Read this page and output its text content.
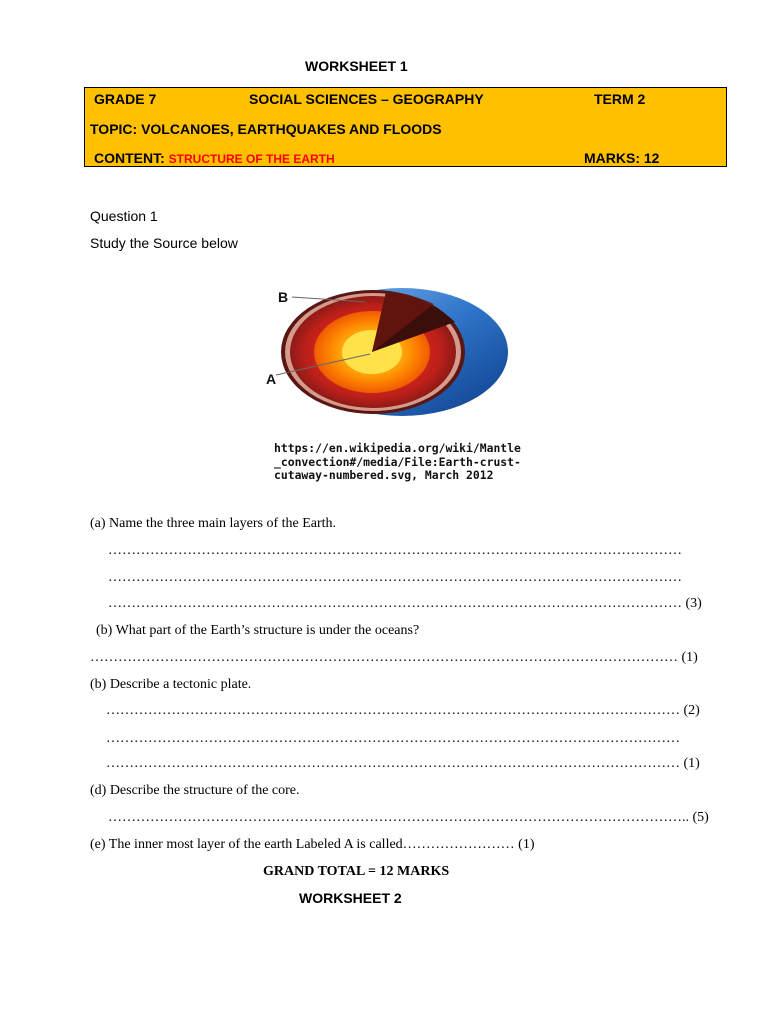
WORKSHEET 1
GRADE 7	SOCIAL SCIENCES – GEOGRAPHY	TERM 2
TOPIC: VOLCANOES, EARTHQUAKES AND FLOODS
CONTENT: STRUCTURE OF THE EARTH	MARKS: 12
Question 1
Study the Source below
B
A
https://en.wikipedia.org/wiki/Mantle
_convection#/media/File:Earth-crust-
cutaway-numbered.svg, March 2012
(a) Name the three main layers of the Earth.
……………………………………………………………………………………………………………
……………………………………………………………………………………………………………
…………………………………………………………………………………………………………… (3)
(b) What part of the Earth’s structure is under the oceans?
……………………………………………………………………………………………………………… (1)
(b) Describe a tectonic plate.
…………………………………………………………………………………………………………… (2)
……………………………………………………………………………………………………………
…………………………………………………………………………………………………………… (1)
(d) Describe the structure of the core.
…………………………………………………………………………………………………………….. (5)
(e) The inner most layer of the earth Labeled A is called…………………… (1)
GRAND TOTAL = 12 MARKS
WORKSHEET 2
